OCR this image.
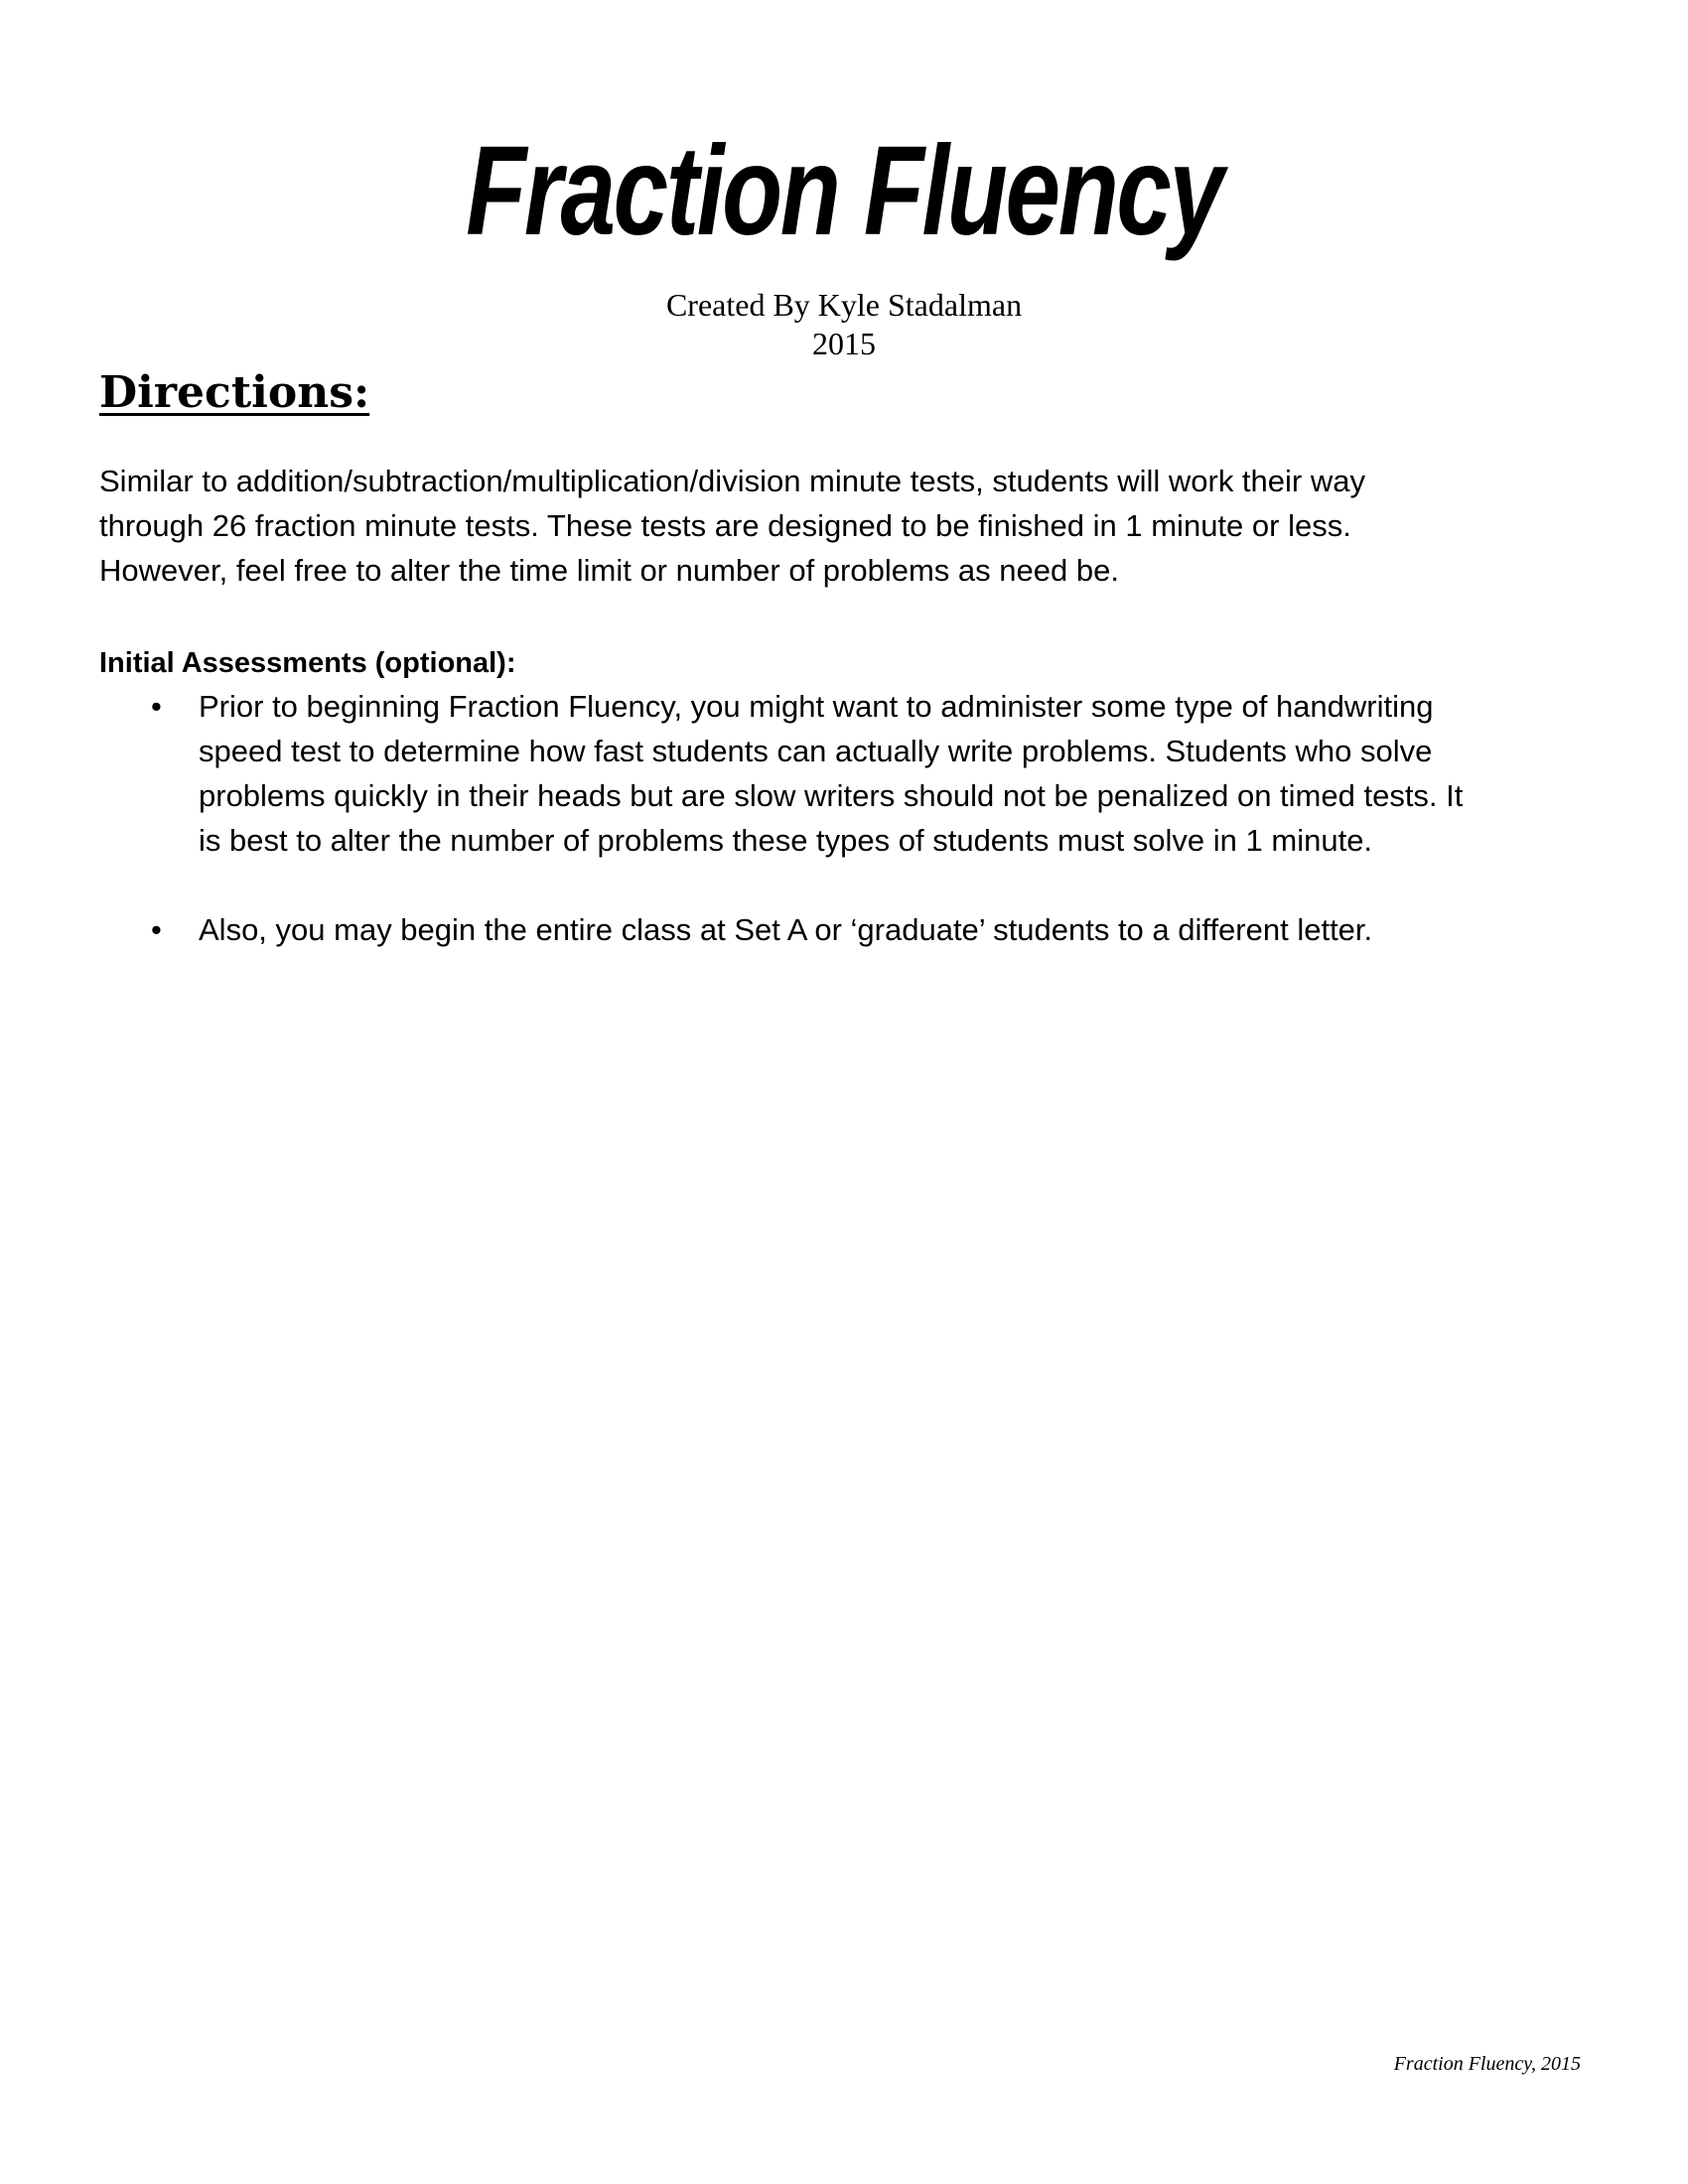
Fraction Fluency
Created By Kyle Stadalman
2015
Directions:
Similar to addition/subtraction/multiplication/division minute tests, students will work their way
through 26 fraction minute tests. These tests are designed to be finished in 1 minute or less.
However, feel free to alter the time limit or number of problems as need be.
Initial Assessments (optional):
• Prior to beginning Fraction Fluency, you might want to administer some type of handwriting
speed test to determine how fast students can actually write problems. Students who solve
problems quickly in their heads but are slow writers should not be penalized on timed tests. It
is best to alter the number of problems these types of students must solve in 1 minute.
• Also, you may begin the entire class at Set A or ‘graduate’ students to a different letter.
Fraction Fluency, 2015
